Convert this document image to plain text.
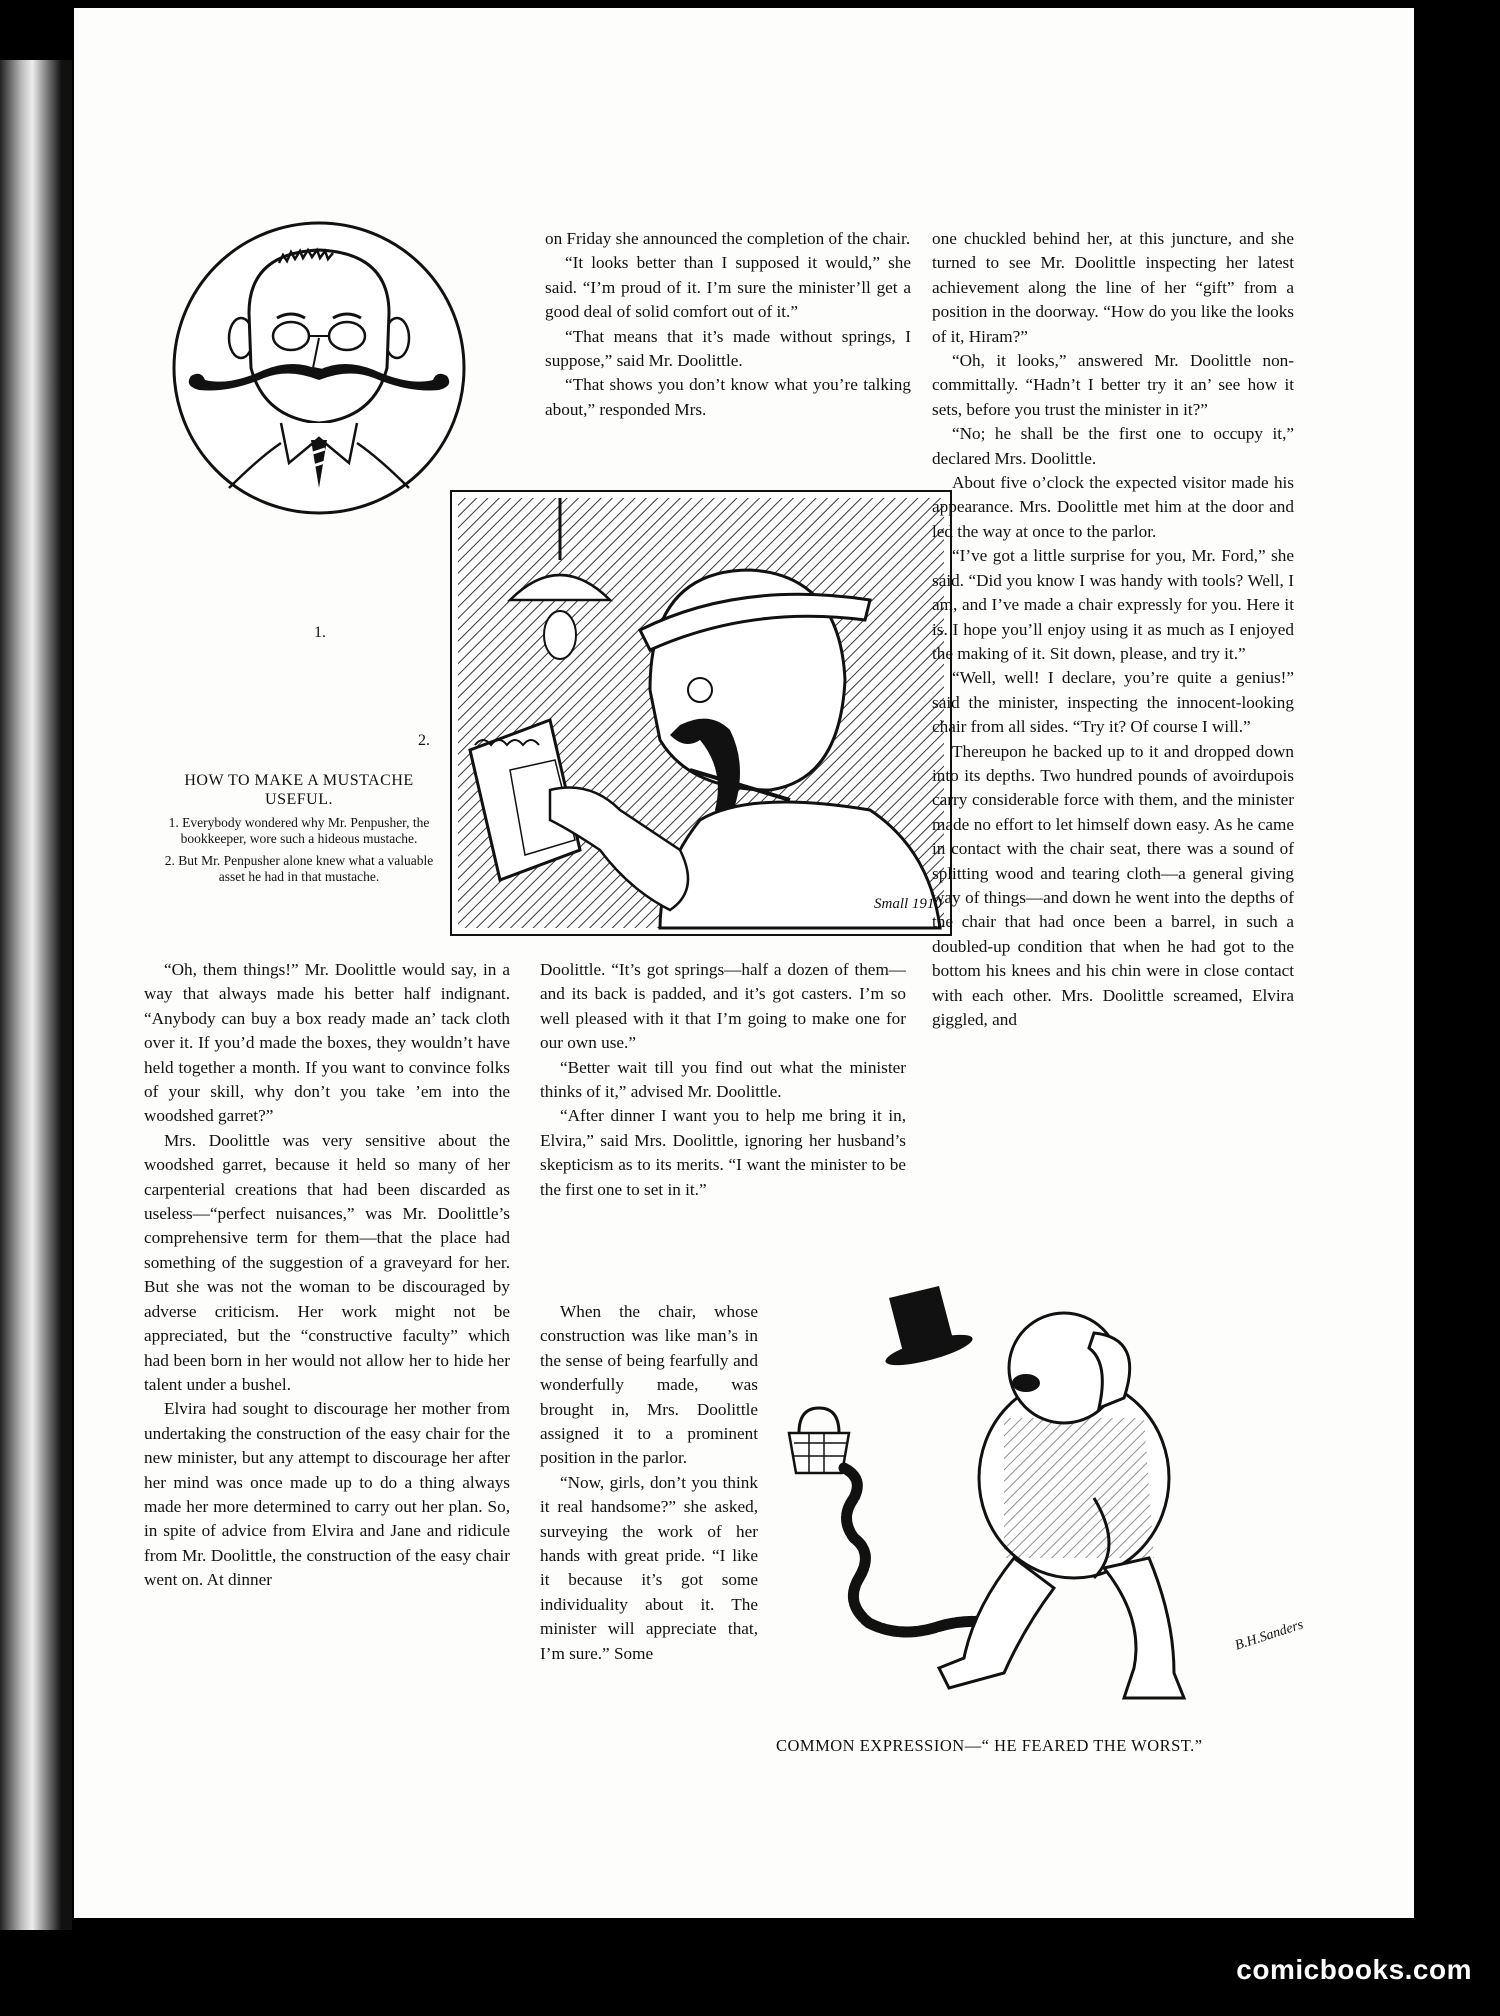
1.
2.
Small 1910
HOW TO MAKE A MUSTACHE USEFUL.
1. Everybody wondered why Mr. Penpusher, the bookkeeper, wore such a hideous mustache.
2. But Mr. Penpusher alone knew what a valuable asset he had in that mustache.

on Friday she announced the completion of the chair.

“It looks better than I supposed it would,” she said. “I’m proud of it. I’m sure the minister’ll get a good deal of solid comfort out of it.”

“That means that it’s made without springs, I suppose,” said Mr. Doolittle.

“That shows you don’t know what you’re talking about,” responded Mrs.

one chuckled behind her, at this juncture, and she turned to see Mr. Doolittle inspecting her latest achievement along the line of her “gift” from a position in the doorway. “How do you like the looks of it, Hiram?”

“Oh, it looks,” answered Mr. Doolittle non-committally. “Hadn’t I better try it an’ see how it sets, before you trust the minister in it?”

“No; he shall be the first one to occupy it,” declared Mrs. Doolittle.

About five o’clock the expected visitor made his appearance. Mrs. Doolittle met him at the door and led the way at once to the parlor.

“I’ve got a little surprise for you, Mr. Ford,” she said. “Did you know I was handy with tools? Well, I am, and I’ve made a chair expressly for you. Here it is. I hope you’ll enjoy using it as much as I enjoyed the making of it. Sit down, please, and try it.”

“Well, well! I declare, you’re quite a genius!” said the minister, inspecting the innocent-looking chair from all sides. “Try it? Of course I will.”

Thereupon he backed up to it and dropped down into its depths. Two hundred pounds of avoirdupois carry considerable force with them, and the minister made no effort to let himself down easy. As he came in contact with the chair seat, there was a sound of splitting wood and tearing cloth—a general giving way of things—and down he went into the depths of the chair that had once been a barrel, in such a doubled-up condition that when he had got to the bottom his knees and his chin were in close contact with each other. Mrs. Doolittle screamed, Elvira giggled, and

“Oh, them things!” Mr. Doolittle would say, in a way that always made his better half indignant. “Anybody can buy a box ready made an’ tack cloth over it. If you’d made the boxes, they wouldn’t have held together a month. If you want to convince folks of your skill, why don’t you take ’em into the woodshed garret?”

Mrs. Doolittle was very sensitive about the woodshed garret, because it held so many of her carpenterial creations that had been discarded as useless—“perfect nuisances,” was Mr. Doolittle’s comprehensive term for them—that the place had something of the suggestion of a graveyard for her. But she was not the woman to be discouraged by adverse criticism. Her work might not be appreciated, but the “constructive faculty” which had been born in her would not allow her to hide her talent under a bushel.

Elvira had sought to discourage her mother from undertaking the construction of the easy chair for the new minister, but any attempt to discourage her after her mind was once made up to do a thing always made her more determined to carry out her plan. So, in spite of advice from Elvira and Jane and ridicule from Mr. Doolittle, the construction of the easy chair went on. At dinner

Doolittle. “It’s got springs—half a dozen of them—and its back is padded, and it’s got casters. I’m so well pleased with it that I’m going to make one for our own use.”

“Better wait till you find out what the minister thinks of it,” advised Mr. Doolittle.

“After dinner I want you to help me bring it in, Elvira,” said Mrs. Doolittle, ignoring her husband’s skepticism as to its merits. “I want the minister to be the first one to set in it.”

When the chair, whose construction was like man’s in the sense of being fearfully and wonderfully made, was brought in, Mrs. Doolittle assigned it to a prominent position in the parlor.

“Now, girls, don’t you think it real handsome?” she asked, surveying the work of her hands with great pride. “I like it because it’s got some individuality about it. The minister will appreciate that, I’m sure.” Some	B.H.Sanders
COMMON EXPRESSION—“ HE FEARED THE WORST.”
comicbooks.com
